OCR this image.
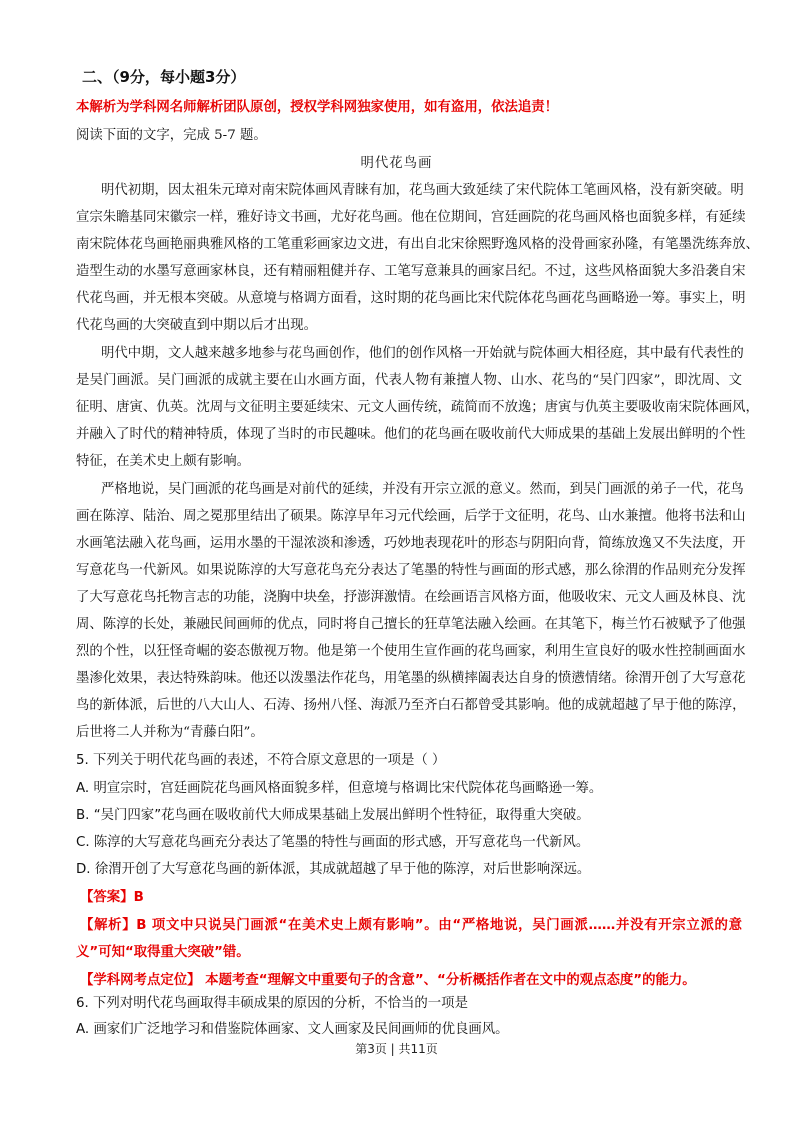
二、（9分，每小题3分）
本解析为学科网名师解析团队原创，授权学科网独家使用，如有盗用，依法追责！
阅读下面的文字，完成 5-7 题。
明代花鸟画
明代初期，因太祖朱元璋对南宋院体画风青睐有加，花鸟画大致延续了宋代院体工笔画风格，没有新突破。明
宣宗朱瞻基同宋徽宗一样，雅好诗文书画，尤好花鸟画。他在位期间，宫廷画院的花鸟画风格也面貌多样，有延续
南宋院体花鸟画艳丽典雅风格的工笔重彩画家边文进，有出自北宋徐熙野逸风格的没骨画家孙隆，有笔墨洗练奔放、
造型生动的水墨写意画家林良，还有精丽粗健并存、工笔写意兼具的画家吕纪。不过，这些风格面貌大多沿袭自宋
代花鸟画，并无根本突破。从意境与格调方面看，这时期的花鸟画比宋代院体花鸟画花鸟画略逊一筹。事实上，明
代花鸟画的大突破直到中期以后才出现。
明代中期，文人越来越多地参与花鸟画创作，他们的创作风格一开始就与院体画大相径庭，其中最有代表性的
是吴门画派。吴门画派的成就主要在山水画方面，代表人物有兼擅人物、山水、花鸟的“吴门四家”，即沈周、文
征明、唐寅、仇英。沈周与文征明主要延续宋、元文人画传统，疏简而不放逸；唐寅与仇英主要吸收南宋院体画风，
并融入了时代的精神特质，体现了当时的市民趣味。他们的花鸟画在吸收前代大师成果的基础上发展出鲜明的个性
特征，在美术史上颇有影响。
严格地说，吴门画派的花鸟画是对前代的延续，并没有开宗立派的意义。然而，到吴门画派的弟子一代，花鸟
画在陈淳、陆治、周之冕那里结出了硕果。陈淳早年习元代绘画，后学于文征明，花鸟、山水兼擅。他将书法和山
水画笔法融入花鸟画，运用水墨的干湿浓淡和渗透，巧妙地表现花叶的形态与阴阳向背，简练放逸又不失法度，开
写意花鸟一代新风。如果说陈淳的大写意花鸟充分表达了笔墨的特性与画面的形式感，那么徐渭的作品则充分发挥
了大写意花鸟托物言志的功能，浇胸中块垒，抒澎湃激情。在绘画语言风格方面，他吸收宋、元文人画及林良、沈
周、陈淳的长处，兼融民间画师的优点，同时将自己擅长的狂草笔法融入绘画。在其笔下，梅兰竹石被赋予了他强
烈的个性，以狂怪奇崛的姿态傲视万物。他是第一个使用生宣作画的花鸟画家，利用生宣良好的吸水性控制画面水
墨渗化效果，表达特殊韵味。他还以泼墨法作花鸟，用笔墨的纵横摔阖表达自身的愤懑情绪。徐渭开创了大写意花
鸟的新体派，后世的八大山人、石涛、扬州八怪、海派乃至齐白石都曾受其影响。他的成就超越了早于他的陈淳，
后世将二人并称为“青藤白阳”。
5. 下列关于明代花鸟画的表述，不符合原文意思的一项是（ ）
A. 明宣宗时，宫廷画院花鸟画风格面貌多样，但意境与格调比宋代院体花鸟画略逊一筹。
B. “吴门四家”花鸟画在吸收前代大师成果基础上发展出鲜明个性特征，取得重大突破。
C. 陈淳的大写意花鸟画充分表达了笔墨的特性与画面的形式感，开写意花鸟一代新风。
D. 徐渭开创了大写意花鸟画的新体派，其成就超越了早于他的陈淳，对后世影响深远。
【答案】B
【解析】B 项文中只说吴门画派“在美术史上颇有影响”。由“严格地说，吴门画派……并没有开宗立派的意
义”可知“取得重大突破”错。
【学科网考点定位】 本题考查“理解文中重要句子的含意”、“分析概括作者在文中的观点态度”的能力。
6. 下列对明代花鸟画取得丰硕成果的原因的分析，不恰当的一项是
A. 画家们广泛地学习和借鉴院体画家、文人画家及民间画师的优良画风。
第3页 | 共11页
